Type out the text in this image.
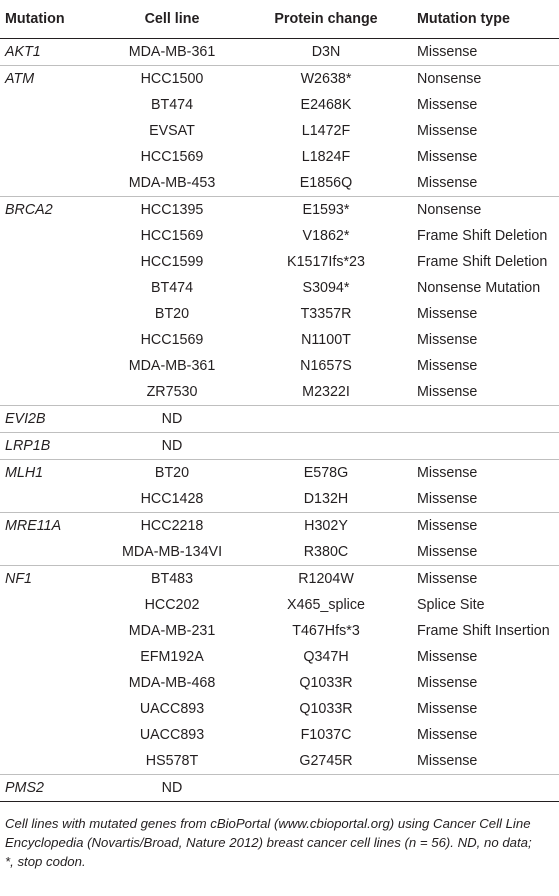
Mutation	Cell line	Protein change	Mutation type
AKT1	MDA-MB-361	D3N	Missense
ATM	HCC1500	W2638*	Nonsense
	BT474	E2468K	Missense
	EVSAT	L1472F	Missense
	HCC1569	L1824F	Missense
	MDA-MB-453	E1856Q	Missense
BRCA2	HCC1395	E1593*	Nonsense
	HCC1569	V1862*	Frame Shift Deletion
	HCC1599	K1517Ifs*23	Frame Shift Deletion
	BT474	S3094*	Nonsense Mutation
	BT20	T3357R	Missense
	HCC1569	N1100T	Missense
	MDA-MB-361	N1657S	Missense
	ZR7530	M2322I	Missense
EVI2B	ND		
LRP1B	ND		
MLH1	BT20	E578G	Missense
	HCC1428	D132H	Missense
MRE11A	HCC2218	H302Y	Missense
	MDA-MB-134VI	R380C	Missense
NF1	BT483	R1204W	Missense
	HCC202	X465_splice	Splice Site
	MDA-MB-231	T467Hfs*3	Frame Shift Insertion
	EFM192A	Q347H	Missense
	MDA-MB-468	Q1033R	Missense
	UACC893	Q1033R	Missense
	UACC893	F1037C	Missense
	HS578T	G2745R	Missense
PMS2	ND		

Cell lines with mutated genes from cBioPortal (www.cbioportal.org) using Cancer Cell Line
Encyclopedia (Novartis/Broad, Nature 2012) breast cancer cell lines (n = 56). ND, no data;
*, stop codon.
